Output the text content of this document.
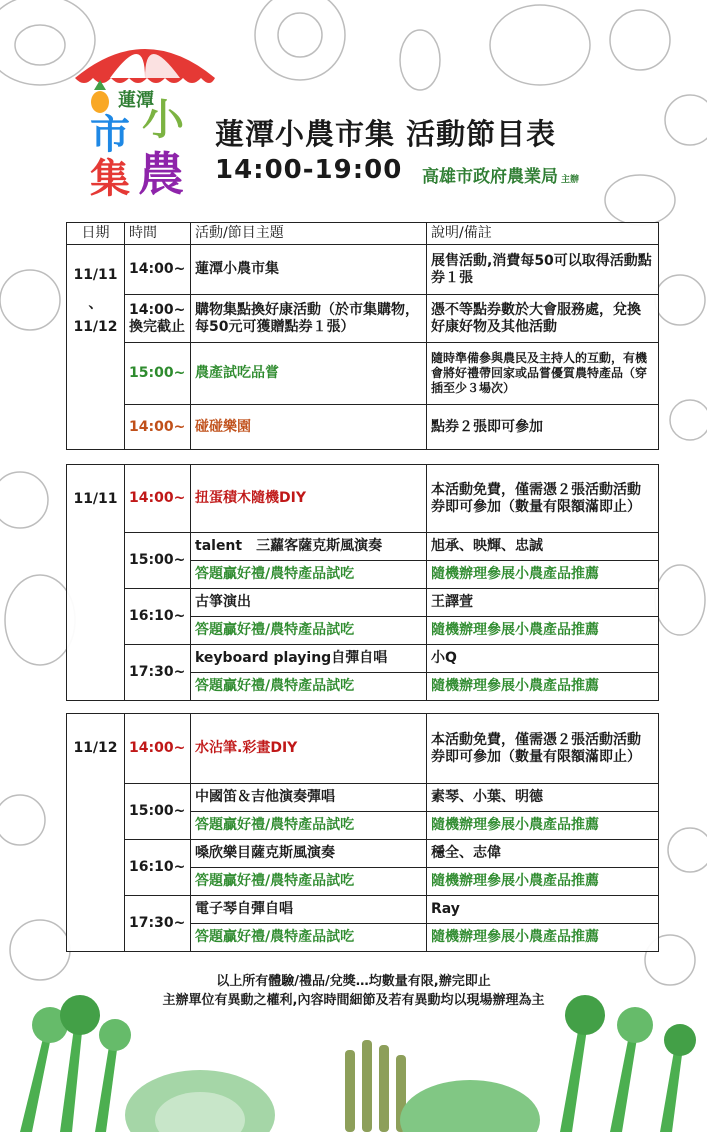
蓮潭
市 小
集 農
蓮潭小農市集 活動節目表
14:00-19:00 高雄市政府農業局 主辦
日期	時間	活動/節目主題	說明/備註

11/11
、
11/12	14:00~	蓮潭小農市集	展售活動,消費每50可以取得活動點券１張
	14:00~換完截止	購物集點換好康活動（於市集購物，每50元可獲贈點券１張）	憑不等點券數於大會服務處，兌換好康好物及其他活動
	15:00~	農產試吃品嘗	隨時準備參與農民及主持人的互動，有機會將好禮帶回家或品嘗優質農特產品（穿插至少３場次）
	14:00~	碰碰樂園	點券２張即可參加
11/11	14:00~	扭蛋積木隨機DIY	本活動免費，僅需憑２張活動活動券即可參加（數量有限額滿即止）
	15:00~	talent　三蘿客薩克斯風演奏	旭承、映輝、忠誠
		答題贏好禮/農特產品試吃	隨機辦理參展小農產品推薦
	16:10~	古箏演出	王譯萱
		答題贏好禮/農特產品試吃	隨機辦理參展小農產品推薦
	17:30~	keyboard playing自彈自唱	小Q
		答題贏好禮/農特產品試吃	隨機辦理參展小農產品推薦
11/12	14:00~	水沾筆.彩畫DIY	本活動免費，僅需憑２張活動活動券即可參加（數量有限額滿即止）
	15:00~	中國笛＆吉他演奏彈唱	素琴、小葉、明德
		答題贏好禮/農特產品試吃	隨機辦理參展小農產品推薦
	16:10~	嗓欣樂目薩克斯風演奏	穩全、志偉
		答題贏好禮/農特產品試吃	隨機辦理參展小農產品推薦
	17:30~	電子琴自彈自唱	Ray
		答題贏好禮/農特產品試吃	隨機辦理參展小農產品推薦
以上所有體驗/禮品/兌獎…均數量有限,辦完即止
主辦單位有異動之權利,內容時間細節及若有異動均以現場辦理為主
